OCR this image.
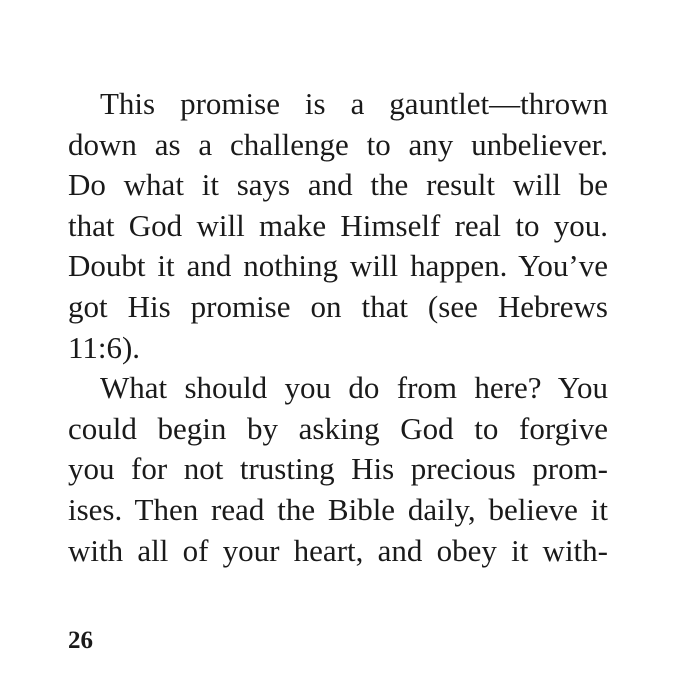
This promise is a gauntlet—thrown
down as a challenge to any unbeliever.
Do what it says and the result will be
that God will make Himself real to you.
Doubt it and nothing will happen. You’ve
got His promise on that (see Hebrews
11:6).
What should you do from here? You
could begin by asking God to forgive
you for not trusting His precious prom-
ises. Then read the Bible daily, believe it
with all of your heart, and obey it with-
26
